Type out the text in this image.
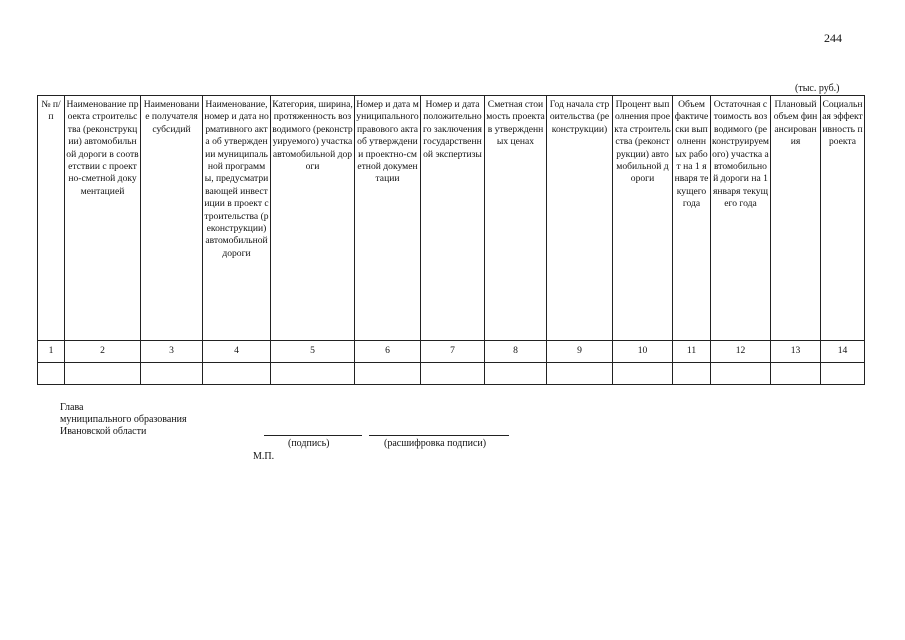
244
(тыс. руб.)
№ п/п	Наименование проекта строительства (реконструкции) автомобильной дороги в соответствии с проектно-сметной документацией	Наименование получателя субсидий	Наименование, номер и дата нормативного акта об утверждении муниципальной программы, предусматривающей инвестиции в проект строительства (реконструкции) автомобильной дороги	Категория, ширина, протяженность возводимого (реконструируемого) участка автомобильной дороги	Номер и дата муниципального правового акта об утверждении проектно-сметной документации	Номер и дата положительного заключения государственной экспертизы	Сметная стоимость проекта в утвержденных ценах	Год начала строительства (реконструкции)	Процент выполнения проекта строительства (реконструкции) автомобильной дороги	Объем фактически выполненных работ на 1 января текущего года	Остаточная стоимость возводимого (реконструируемого) участка автомобильной дороги на 1 января текущего года	Плановый объем финансирования	Социальная эффективность проекта
1	2	3	4	5	6	7	8	9	10	11	12	13	14

Глава
муниципального образования
Ивановской области
(подпись)	(расшифровка подписи)
М.П.
